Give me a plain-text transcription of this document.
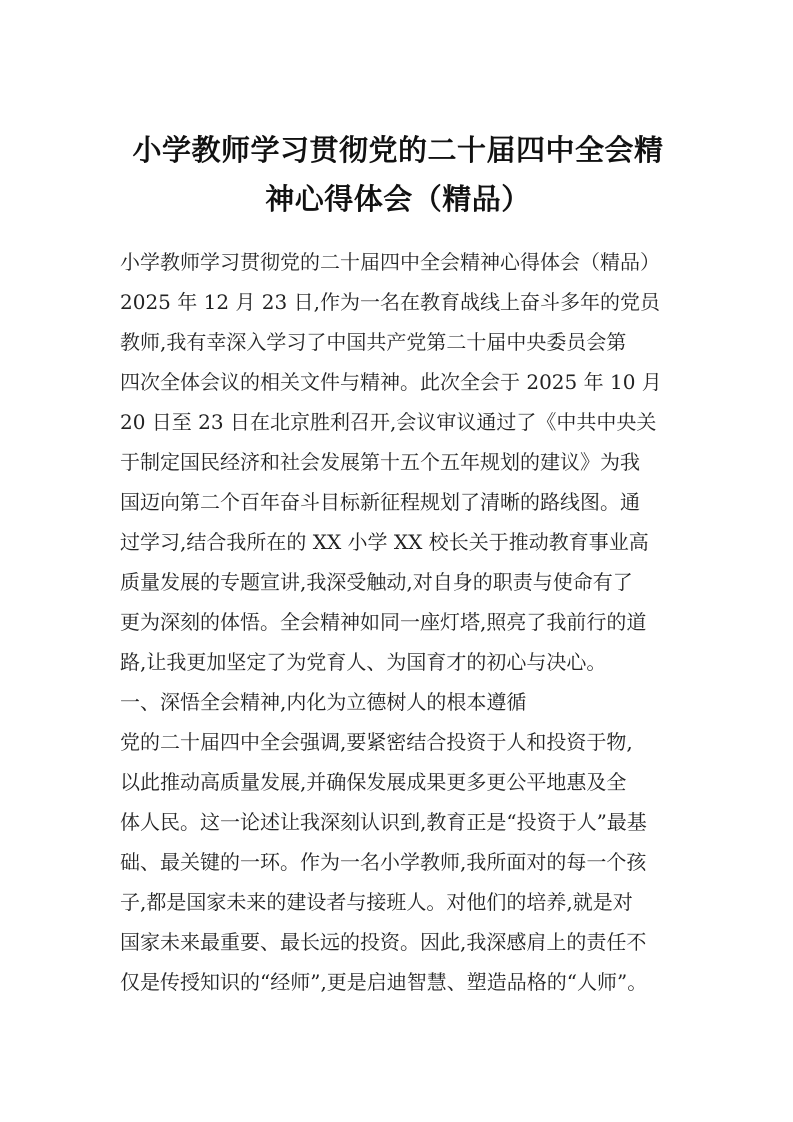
小学教师学习贯彻党的二十届四中全会精
神心得体会（精品）
小学教师学习贯彻党的二十届四中全会精神心得体会（精品）
2025 年 12 月 23 日,作为一名在教育战线上奋斗多年的党员
教师,我有幸深入学习了中国共产党第二十届中央委员会第
四次全体会议的相关文件与精神。此次全会于 2025 年 10 月
20 日至 23 日在北京胜利召开,会议审议通过了《中共中央关
于制定国民经济和社会发展第十五个五年规划的建议》为我
国迈向第二个百年奋斗目标新征程规划了清晰的路线图。通
过学习,结合我所在的 XX 小学 XX 校长关于推动教育事业高
质量发展的专题宣讲,我深受触动,对自身的职责与使命有了
更为深刻的体悟。全会精神如同一座灯塔,照亮了我前行的道
路,让我更加坚定了为党育人、为国育才的初心与决心。
一、深悟全会精神,内化为立德树人的根本遵循
党的二十届四中全会强调,要紧密结合投资于人和投资于物,
以此推动高质量发展,并确保发展成果更多更公平地惠及全
体人民。这一论述让我深刻认识到,教育正是“投资于人”最基
础、最关键的一环。作为一名小学教师,我所面对的每一个孩
子,都是国家未来的建设者与接班人。对他们的培养,就是对
国家未来最重要、最长远的投资。因此,我深感肩上的责任不
仅是传授知识的“经师”,更是启迪智慧、塑造品格的“人师”。
